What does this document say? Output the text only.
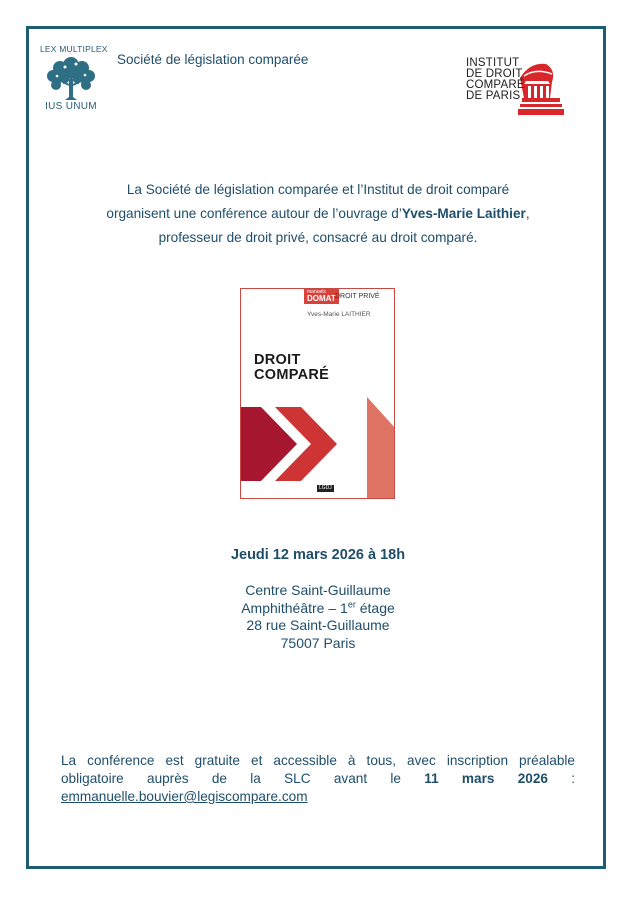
LEX MULTIPLEX
IUS UNUM
Société de législation comparée	INSTITUT
DE DROIT
COMPARÉ
DE PARIS
La Société de législation comparée et l’Institut de droit comparé
organisent une conférence autour de l’ouvrage d’Yves-Marie Laithier,
professeur de droit privé, consacré au droit comparé.
manuels
DOMAT DROIT PRIVÉ
Yves-Marie LAITHIER
DROIT
COMPARÉ
LGDJ
Jeudi 12 mars 2026 à 18h
Centre Saint-Guillaume
Amphithéâtre – 1er étage
28 rue Saint-Guillaume
75007 Paris
La conférence est gratuite et accessible à tous, avec inscription préalable
obligatoire auprès de la SLC avant le 11 mars 2026 :
emmanuelle.bouvier@legiscompare.com
